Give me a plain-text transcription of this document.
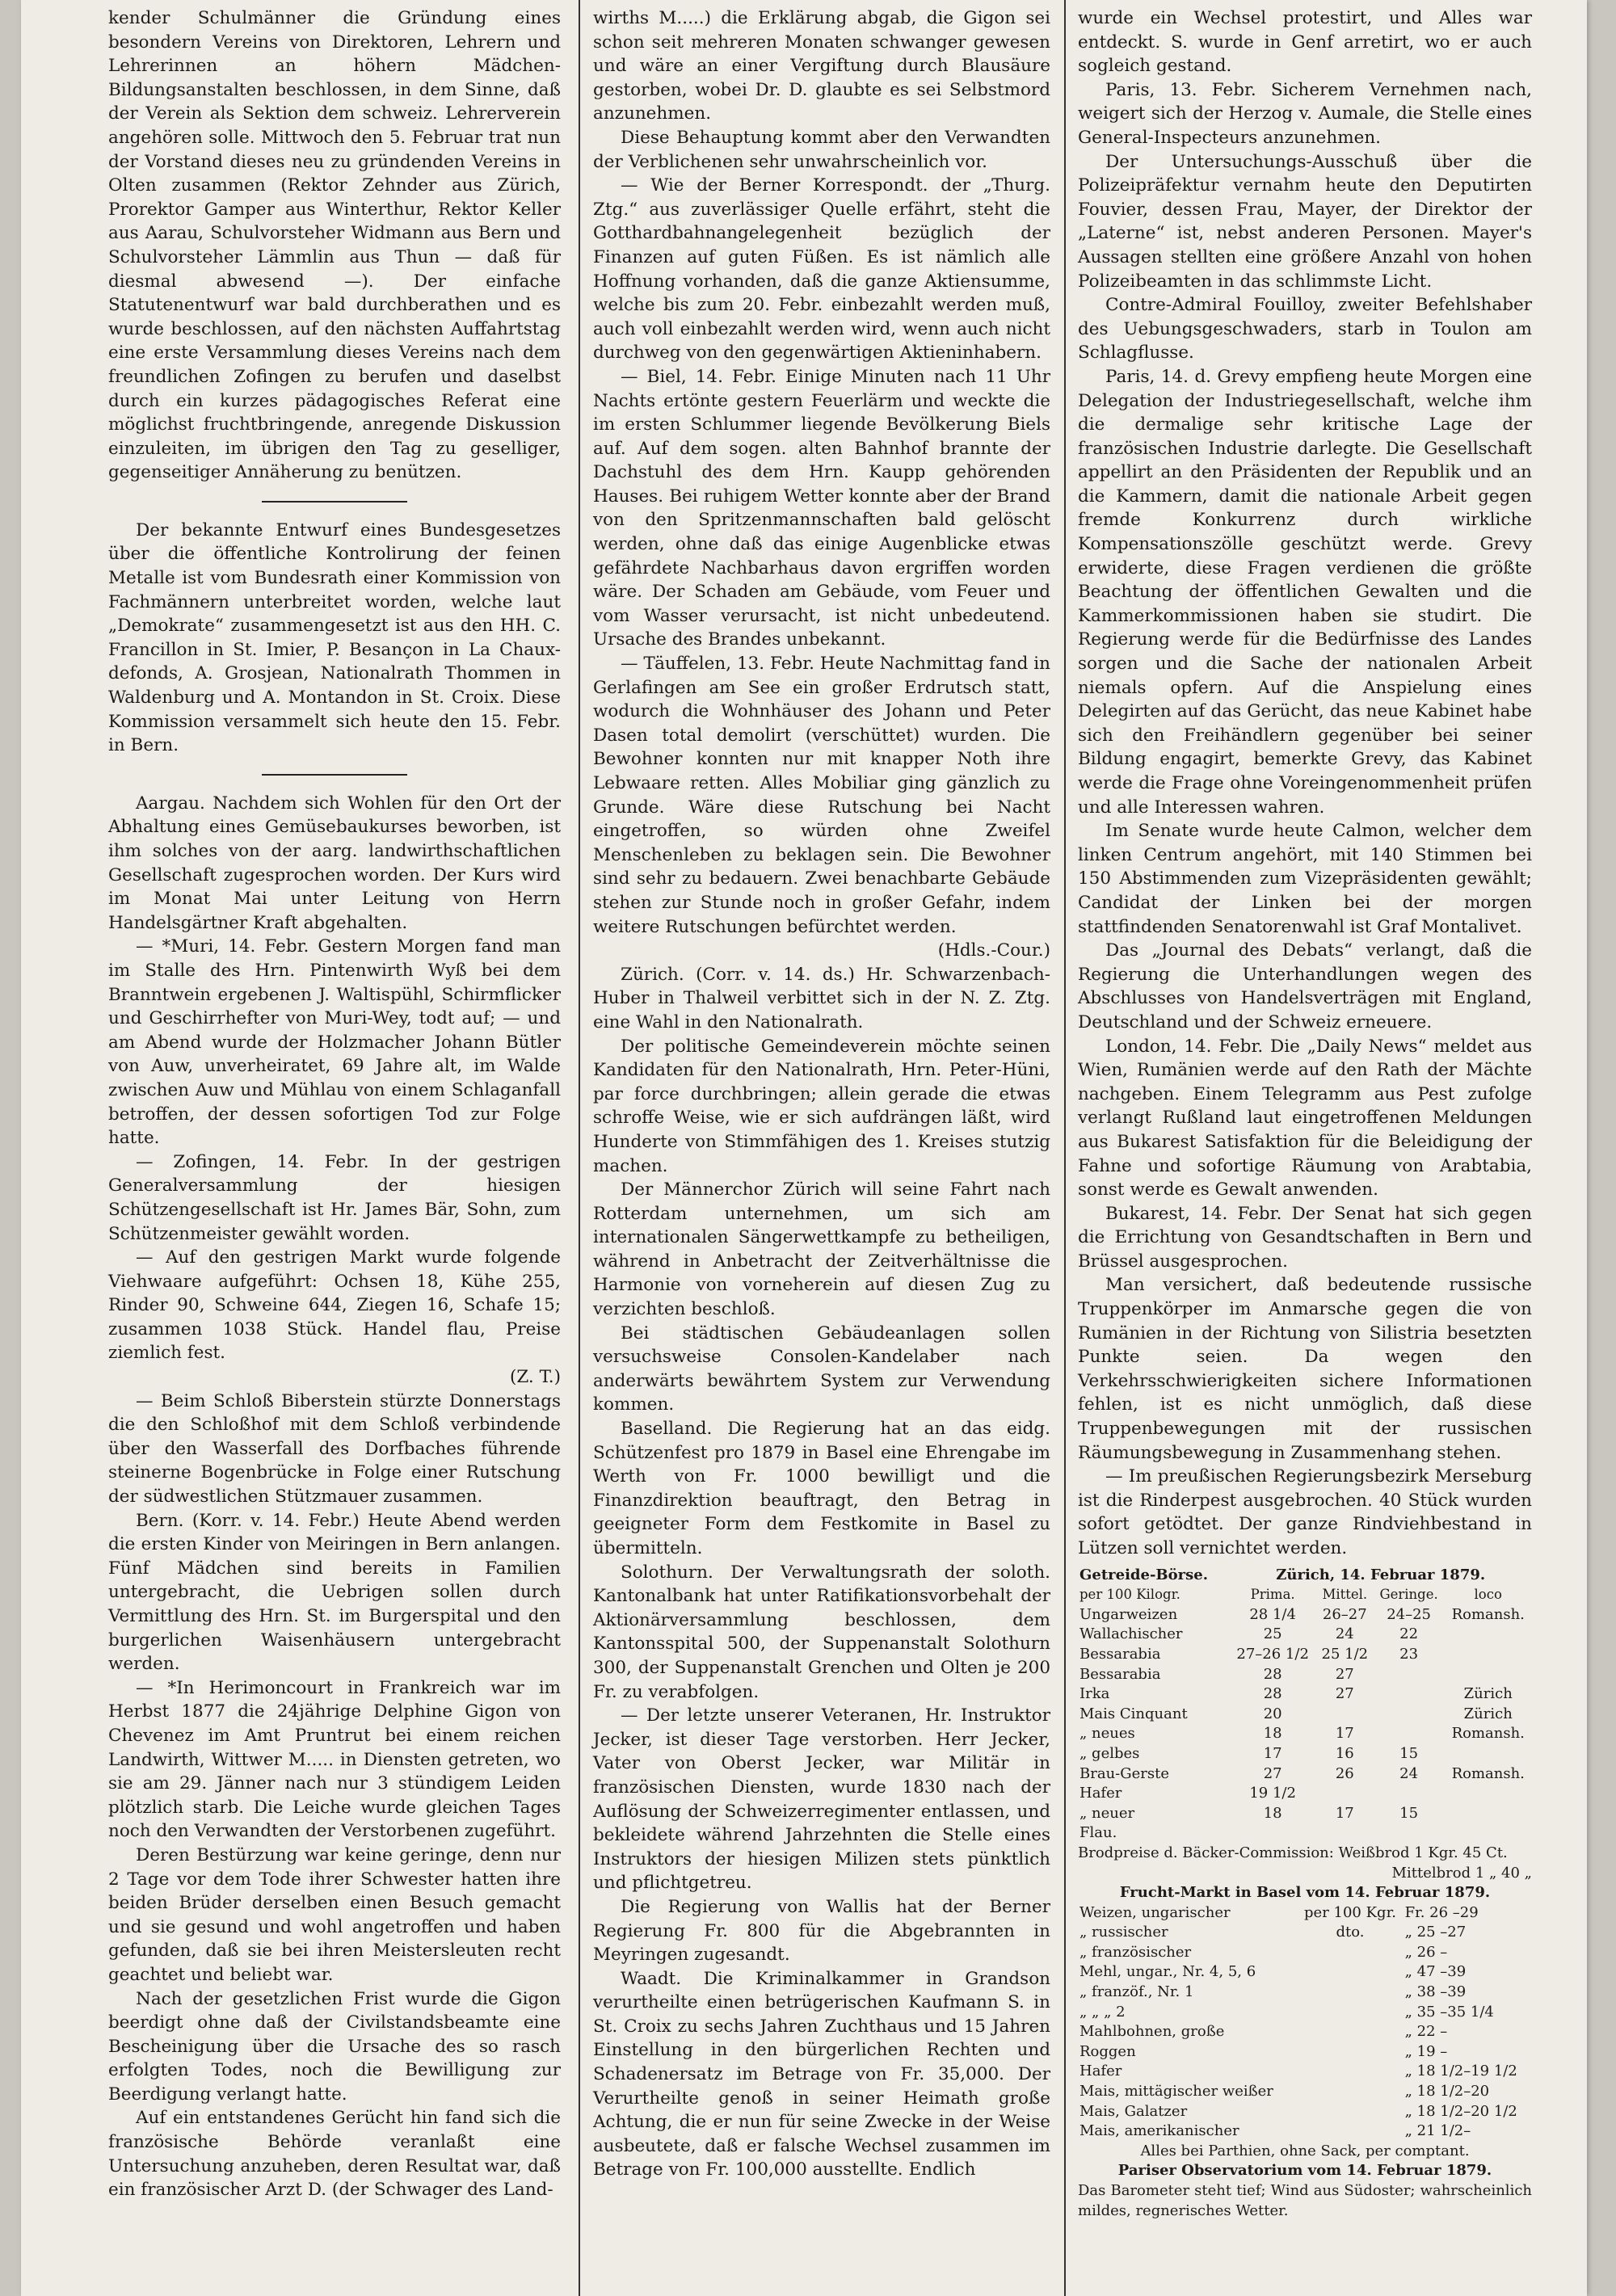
kender Schulmänner die Gründung eines besondern Vereins von Direktoren, Lehrern und Lehrerinnen an höhern Mädchen-Bildungsanstalten beschlossen, in dem Sinne, daß der Verein als Sektion dem schweiz. Lehrerverein angehören solle. Mittwoch den 5. Februar trat nun der Vorstand dieses neu zu gründenden Vereins in Olten zusammen (Rektor Zehnder aus Zürich, Prorektor Gamper aus Winterthur, Rektor Keller aus Aarau, Schulvorsteher Widmann aus Bern und Schulvorsteher Lämmlin aus Thun — daß für diesmal abwesend —). Der einfache Statutenentwurf war bald durchberathen und es wurde beschlossen, auf den nächsten Auffahrtstag eine erste Versammlung dieses Vereins nach dem freundlichen Zofingen zu berufen und daselbst durch ein kurzes pädagogisches Referat eine möglichst fruchtbringende, anregende Diskussion einzuleiten, im übrigen den Tag zu geselliger, gegenseitiger Annäherung zu benützen.

Der bekannte Entwurf eines Bundesgesetzes über die öffentliche Kontrolirung der feinen Metalle ist vom Bundesrath einer Kommission von Fachmännern unterbreitet worden, welche laut „Demokrate“ zusammengesetzt ist aus den HH. C. Francillon in St. Imier, P. Besançon in La Chaux-defonds, A. Grosjean, Nationalrath Thommen in Waldenburg und A. Montandon in St. Croix. Diese Kommission versammelt sich heute den 15. Febr. in Bern.

Aargau. Nachdem sich Wohlen für den Ort der Abhaltung eines Gemüsebaukurses beworben, ist ihm solches von der aarg. landwirthschaftlichen Gesellschaft zugesprochen worden. Der Kurs wird im Monat Mai unter Leitung von Herrn Handelsgärtner Kraft abgehalten.

— *Muri, 14. Febr. Gestern Morgen fand man im Stalle des Hrn. Pintenwirth Wyß bei dem Branntwein ergebenen J. Waltispühl, Schirmflicker und Geschirrhefter von Muri-Wey, todt auf; — und am Abend wurde der Holzmacher Johann Bütler von Auw, unverheiratet, 69 Jahre alt, im Walde zwischen Auw und Mühlau von einem Schlaganfall betroffen, der dessen sofortigen Tod zur Folge hatte.

— Zofingen, 14. Febr. In der gestrigen Generalversammlung der hiesigen Schützengesellschaft ist Hr. James Bär, Sohn, zum Schützenmeister gewählt worden.

— Auf den gestrigen Markt wurde folgende Viehwaare aufgeführt: Ochsen 18, Kühe 255, Rinder 90, Schweine 644, Ziegen 16, Schafe 15; zusammen 1038 Stück. Handel flau, Preise ziemlich fest.

(Z. T.)

— Beim Schloß Biberstein stürzte Donnerstags die den Schloßhof mit dem Schloß verbindende über den Wasserfall des Dorfbaches führende steinerne Bogenbrücke in Folge einer Rutschung der südwestlichen Stützmauer zusammen.

Bern. (Korr. v. 14. Febr.) Heute Abend werden die ersten Kinder von Meiringen in Bern anlangen. Fünf Mädchen sind bereits in Familien untergebracht, die Uebrigen sollen durch Vermittlung des Hrn. St. im Burgerspital und den burgerlichen Waisenhäusern untergebracht werden.

— *In Herimoncourt in Frankreich war im Herbst 1877 die 24jährige Delphine Gigon von Chevenez im Amt Pruntrut bei einem reichen Landwirth, Wittwer M..... in Diensten getreten, wo sie am 29. Jänner nach nur 3 stündigem Leiden plötzlich starb. Die Leiche wurde gleichen Tages noch den Verwandten der Verstorbenen zugeführt.

Deren Bestürzung war keine geringe, denn nur 2 Tage vor dem Tode ihrer Schwester hatten ihre beiden Brüder derselben einen Besuch gemacht und sie gesund und wohl angetroffen und haben gefunden, daß sie bei ihren Meistersleuten recht geachtet und beliebt war.

Nach der gesetzlichen Frist wurde die Gigon beerdigt ohne daß der Civilstandsbeamte eine Bescheinigung über die Ursache des so rasch erfolgten Todes, noch die Bewilligung zur Beerdigung verlangt hatte.

Auf ein entstandenes Gerücht hin fand sich die französische Behörde veranlaßt eine Untersuchung anzuheben, deren Resultat war, daß ein französischer Arzt D. (der Schwager des Land-

wirths M.....) die Erklärung abgab, die Gigon sei schon seit mehreren Monaten schwanger gewesen und wäre an einer Vergiftung durch Blausäure gestorben, wobei Dr. D. glaubte es sei Selbstmord anzunehmen.

Diese Behauptung kommt aber den Verwandten der Verblichenen sehr unwahrscheinlich vor.

— Wie der Berner Korrespondt. der „Thurg. Ztg.“ aus zuverlässiger Quelle erfährt, steht die Gotthardbahnangelegenheit bezüglich der Finanzen auf guten Füßen. Es ist nämlich alle Hoffnung vorhanden, daß die ganze Aktiensumme, welche bis zum 20. Febr. einbezahlt werden muß, auch voll einbezahlt werden wird, wenn auch nicht durchweg von den gegenwärtigen Aktieninhabern.

— Biel, 14. Febr. Einige Minuten nach 11 Uhr Nachts ertönte gestern Feuerlärm und weckte die im ersten Schlummer liegende Bevölkerung Biels auf. Auf dem sogen. alten Bahnhof brannte der Dachstuhl des dem Hrn. Kaupp gehörenden Hauses. Bei ruhigem Wetter konnte aber der Brand von den Spritzenmannschaften bald gelöscht werden, ohne daß das einige Augenblicke etwas gefährdete Nachbarhaus davon ergriffen worden wäre. Der Schaden am Gebäude, vom Feuer und vom Wasser verursacht, ist nicht unbedeutend. Ursache des Brandes unbekannt.

— Täuffelen, 13. Febr. Heute Nachmittag fand in Gerlafingen am See ein großer Erdrutsch statt, wodurch die Wohnhäuser des Johann und Peter Dasen total demolirt (verschüttet) wurden. Die Bewohner konnten nur mit knapper Noth ihre Lebwaare retten. Alles Mobiliar ging gänzlich zu Grunde. Wäre diese Rutschung bei Nacht eingetroffen, so würden ohne Zweifel Menschenleben zu beklagen sein. Die Bewohner sind sehr zu bedauern. Zwei benachbarte Gebäude stehen zur Stunde noch in großer Gefahr, indem weitere Rutschungen befürchtet werden.

(Hdls.-Cour.)

Zürich. (Corr. v. 14. ds.) Hr. Schwarzenbach-Huber in Thalweil verbittet sich in der N. Z. Ztg. eine Wahl in den Nationalrath.

Der politische Gemeindeverein möchte seinen Kandidaten für den Nationalrath, Hrn. Peter-Hüni, par force durchbringen; allein gerade die etwas schroffe Weise, wie er sich aufdrängen läßt, wird Hunderte von Stimmfähigen des 1. Kreises stutzig machen.

Der Männerchor Zürich will seine Fahrt nach Rotterdam unternehmen, um sich am internationalen Sängerwettkampfe zu betheiligen, während in Anbetracht der Zeitverhältnisse die Harmonie von vorneherein auf diesen Zug zu verzichten beschloß.

Bei städtischen Gebäudeanlagen sollen versuchsweise Consolen-Kandelaber nach anderwärts bewährtem System zur Verwendung kommen.

Baselland. Die Regierung hat an das eidg. Schützenfest pro 1879 in Basel eine Ehrengabe im Werth von Fr. 1000 bewilligt und die Finanzdirektion beauftragt, den Betrag in geeigneter Form dem Festkomite in Basel zu übermitteln.

Solothurn. Der Verwaltungsrath der soloth. Kantonalbank hat unter Ratifikationsvorbehalt der Aktionärversammlung beschlossen, dem Kantonsspital 500, der Suppenanstalt Solothurn 300, der Suppenanstalt Grenchen und Olten je 200 Fr. zu verabfolgen.

— Der letzte unserer Veteranen, Hr. Instruktor Jecker, ist dieser Tage verstorben. Herr Jecker, Vater von Oberst Jecker, war Militär in französischen Diensten, wurde 1830 nach der Auflösung der Schweizerregimenter entlassen, und bekleidete während Jahrzehnten die Stelle eines Instruktors der hiesigen Milizen stets pünktlich und pflichtgetreu.

Die Regierung von Wallis hat der Berner Regierung Fr. 800 für die Abgebrannten in Meyringen zugesandt.

Waadt. Die Kriminalkammer in Grandson verurtheilte einen betrügerischen Kaufmann S. in St. Croix zu sechs Jahren Zuchthaus und 15 Jahren Einstellung in den bürgerlichen Rechten und Schadenersatz im Betrage von Fr. 35,000. Der Verurtheilte genoß in seiner Heimath große Achtung, die er nun für seine Zwecke in der Weise ausbeutete, daß er falsche Wechsel zusammen im Betrage von Fr. 100,000 ausstellte. Endlich

wurde ein Wechsel protestirt, und Alles war entdeckt. S. wurde in Genf arretirt, wo er auch sogleich gestand.

Paris, 13. Febr. Sicherem Vernehmen nach, weigert sich der Herzog v. Aumale, die Stelle eines General-Inspecteurs anzunehmen.

Der Untersuchungs-Ausschuß über die Polizeipräfektur vernahm heute den Deputirten Fouvier, dessen Frau, Mayer, der Direktor der „Laterne“ ist, nebst anderen Personen. Mayer's Aussagen stellten eine größere Anzahl von hohen Polizeibeamten in das schlimmste Licht.

Contre-Admiral Fouilloy, zweiter Befehlshaber des Uebungsgeschwaders, starb in Toulon am Schlagflusse.

Paris, 14. d. Grevy empfieng heute Morgen eine Delegation der Industriegesellschaft, welche ihm die dermalige sehr kritische Lage der französischen Industrie darlegte. Die Gesellschaft appellirt an den Präsidenten der Republik und an die Kammern, damit die nationale Arbeit gegen fremde Konkurrenz durch wirkliche Kompensationszölle geschützt werde. Grevy erwiderte, diese Fragen verdienen die größte Beachtung der öffentlichen Gewalten und die Kammerkommissionen haben sie studirt. Die Regierung werde für die Bedürfnisse des Landes sorgen und die Sache der nationalen Arbeit niemals opfern. Auf die Anspielung eines Delegirten auf das Gerücht, das neue Kabinet habe sich den Freihändlern gegenüber bei seiner Bildung engagirt, bemerkte Grevy, das Kabinet werde die Frage ohne Voreingenommenheit prüfen und alle Interessen wahren.

Im Senate wurde heute Calmon, welcher dem linken Centrum angehört, mit 140 Stimmen bei 150 Abstimmenden zum Vizepräsidenten gewählt; Candidat der Linken bei der morgen stattfindenden Senatorenwahl ist Graf Montalivet.

Das „Journal des Debats“ verlangt, daß die Regierung die Unterhandlungen wegen des Abschlusses von Handelsverträgen mit England, Deutschland und der Schweiz erneuere.

London, 14. Febr. Die „Daily News“ meldet aus Wien, Rumänien werde auf den Rath der Mächte nachgeben. Einem Telegramm aus Pest zufolge verlangt Rußland laut eingetroffenen Meldungen aus Bukarest Satisfaktion für die Beleidigung der Fahne und sofortige Räumung von Arabtabia, sonst werde es Gewalt anwenden.

Bukarest, 14. Febr. Der Senat hat sich gegen die Errichtung von Gesandtschaften in Bern und Brüssel ausgesprochen.

Man versichert, daß bedeutende russische Truppenkörper im Anmarsche gegen die von Rumänien in der Richtung von Silistria besetzten Punkte seien. Da wegen den Verkehrsschwierigkeiten sichere Informationen fehlen, ist es nicht unmöglich, daß diese Truppenbewegungen mit der russischen Räumungsbewegung in Zusammenhang stehen.

— Im preußischen Regierungsbezirk Merseburg ist die Rinderpest ausgebrochen. 40 Stück wurden sofort getödtet. Der ganze Rindviehbestand in Lützen soll vernichtet werden.

Getreide-Börse.	Zürich, 14. Februar 1879.			
per 100 Kilogr.	Prima.	Mittel.	Geringe.	loco
Ungarweizen	28 1/4	26–27	24–25	Romansh.
Wallachischer	25	24	22	
Bessarabia	27–26 1/2	25 1/2	23	
Bessarabia	28	27		
Irka	28	27		Zürich
Mais Cinquant	20			Zürich
„ neues	18	17		Romansh.
„ gelbes	17	16	15	
Brau-Gerste	27	26	24	Romansh.
Hafer	19 1/2			
„ neuer	18	17	15	
Flau.				

Brodpreise d. Bäcker-Commission: Weißbrod 1 Kgr. 45 Ct.

Mittelbrod 1 „ 40 „

Frucht-Markt in Basel vom 14. Februar 1879.

Weizen, ungarischer	per 100 Kgr.	Fr. 26 –29
„ russischer	dto.	„ 25 –27
„ französischer		„ 26 –
Mehl, ungar., Nr. 4, 5, 6		„ 47 –39
„ franzöf., Nr. 1		„ 38 –39
„ „ „ 2		„ 35 –35 1/4
Mahlbohnen, große		„ 22 –
Roggen		„ 19 –
Hafer		„ 18 1/2–19 1/2
Mais, mittägischer weißer		„ 18 1/2–20
Mais, Galatzer		„ 18 1/2–20 1/2
Mais, amerikanischer		„ 21 1/2–

Alles bei Parthien, ohne Sack, per comptant.

Pariser Observatorium vom 14. Februar 1879.

Das Barometer steht tief; Wind aus Südoster; wahrscheinlich mildes, regnerisches Wetter.
